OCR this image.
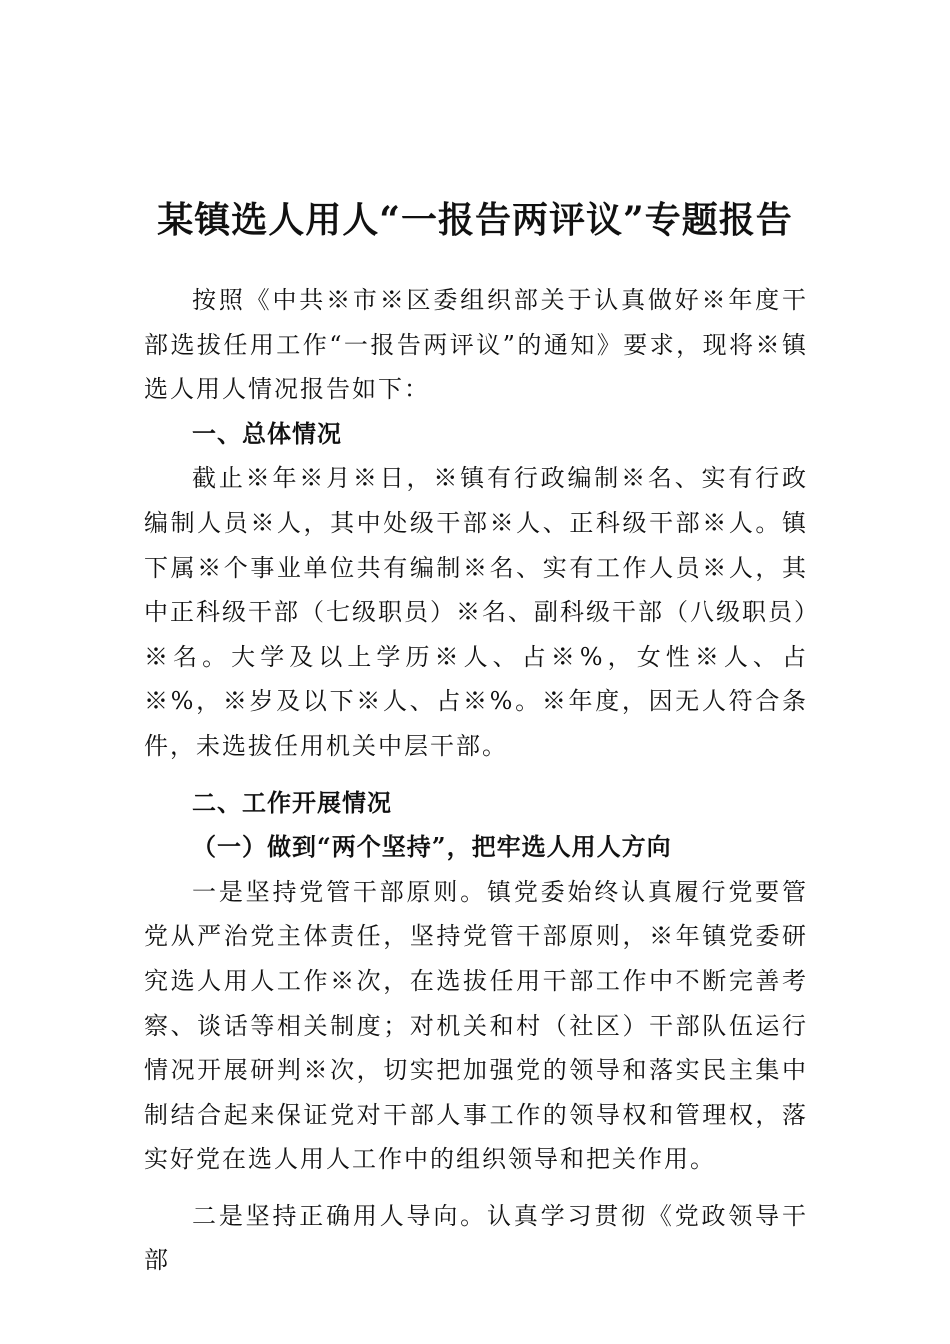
某镇选人用人“一报告两评议”专题报告

按照《中共※市※区委组织部关于认真做好※年度干部选拔任用工作“一报告两评议”的通知》要求，现将※镇选人用人情况报告如下：

一、总体情况

截止※年※月※日，※镇有行政编制※名、实有行政编制人员※人，其中处级干部※人、正科级干部※人。镇下属※个事业单位共有编制※名、实有工作人员※人，其中正科级干部（七级职员）※名、副科级干部（八级职员）※名。大学及以上学历※人、占※%，女性※人、占※%，※岁及以下※人、占※%。※年度，因无人符合条件，未选拔任用机关中层干部。

二、工作开展情况

（一）做到“两个坚持”，把牢选人用人方向

一是坚持党管干部原则。镇党委始终认真履行党要管党从严治党主体责任，坚持党管干部原则，※年镇党委研究选人用人工作※次，在选拔任用干部工作中不断完善考察、谈话等相关制度；对机关和村（社区）干部队伍运行情况开展研判※次，切实把加强党的领导和落实民主集中制结合起来保证党对干部人事工作的领导权和管理权，落实好党在选人用人工作中的组织领导和把关作用。

二是坚持正确用人导向。认真学习贯彻《党政领导干部
